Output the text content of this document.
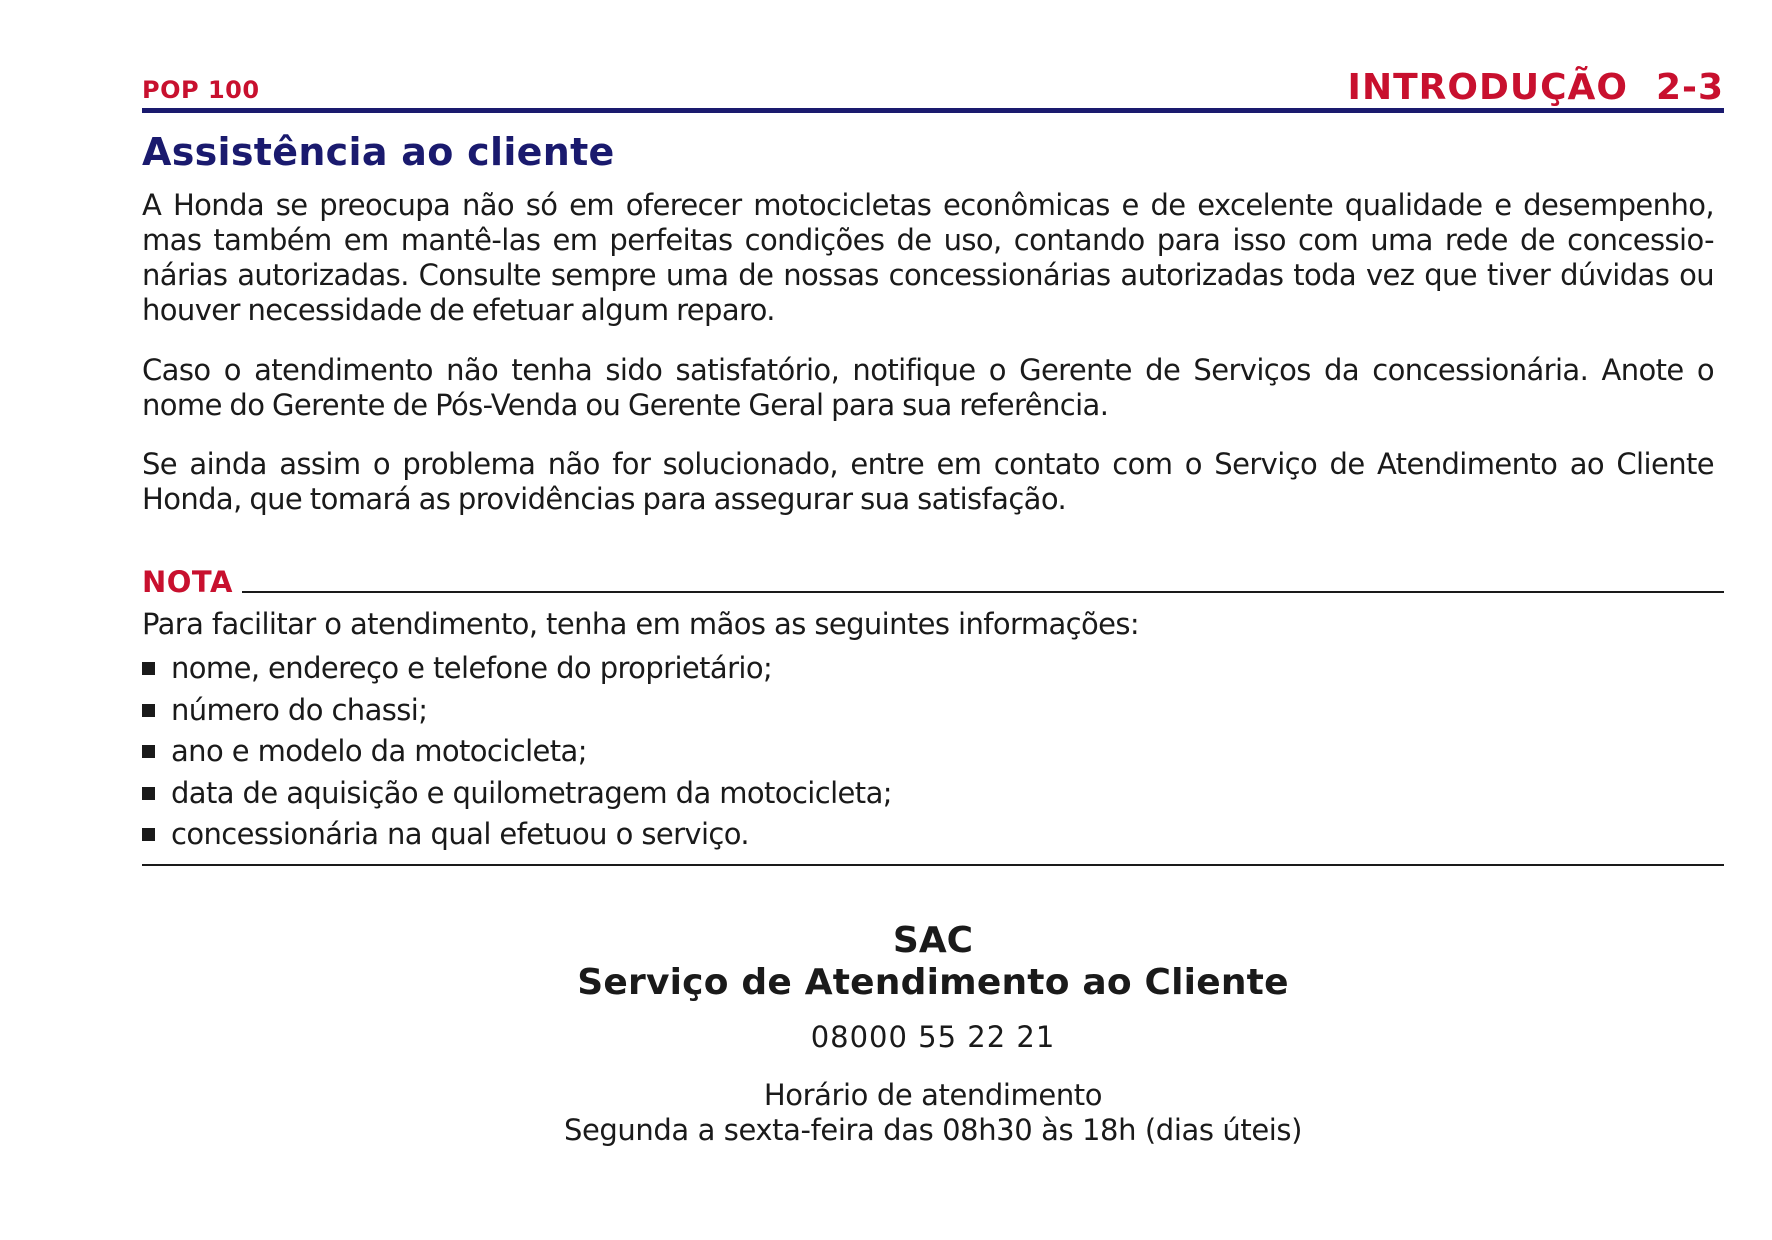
POP 100	INTRODUÇÃO 2-3
Assistência ao cliente

A Honda se preocupa não só em oferecer motocicletas econômicas e de excelente qualidade e desempenho, mas também em mantê-las em perfeitas condições de uso, contando para isso com uma rede de concessio-nárias autorizadas. Consulte sempre uma de nossas concessionárias autorizadas toda vez que tiver dúvidas ou houver necessidade de efetuar algum reparo.

Caso o atendimento não tenha sido satisfatório, notifique o Gerente de Serviços da concessionária. Anote o nome do Gerente de Pós-Venda ou Gerente Geral para sua referência.

Se ainda assim o problema não for solucionado, entre em contato com o Serviço de Atendimento ao Cliente Honda, que tomará as providências para assegurar sua satisfação.

NOTA

Para facilitar o atendimento, tenha em mãos as seguintes informações:

nome, endereço e telefone do proprietário;
número do chassi;
ano e modelo da motocicleta;
data de aquisição e quilometragem da motocicleta;
concessionária na qual efetuou o serviço.
SAC
Serviço de Atendimento ao Cliente
08000 55 22 21
Horário de atendimento
Segunda a sexta-feira das 08h30 às 18h (dias úteis)
